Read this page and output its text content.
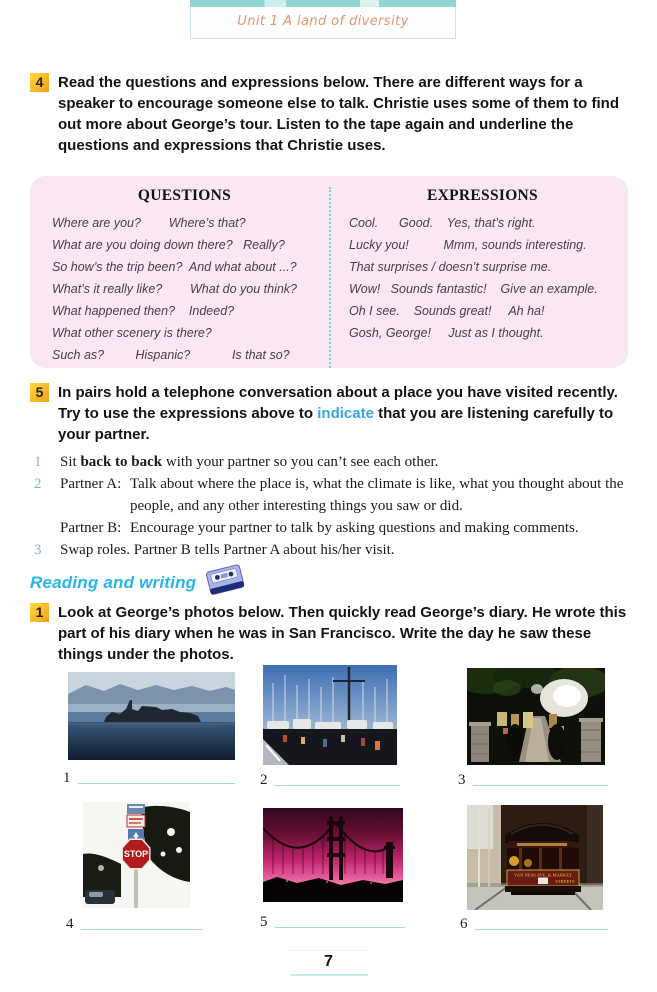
Unit 1 A land of diversity
4 Read the questions and expressions below. There are different ways for a speaker to encourage someone else to talk. Christie uses some of them to find out more about George’s tour. Listen to the tape again and underline the questions and expressions that Christie uses.
QUESTIONS
Where are you?        Where’s that?
What are you doing down there?   Really?
So how’s the trip been?  And what about ...?
What’s it really like?        What do you think?
What happened then?    Indeed?
What other scenery is there?
Such as?         Hispanic?            Is that so?
EXPRESSIONS
Cool.      Good.    Yes, that’s right.
Lucky you!          Mmm, sounds interesting.
That surprises / doesn’t surprise me.
Wow!   Sounds fantastic!    Give an example.
Oh I see.    Sounds great!     Ah ha!
Gosh, George!     Just as I thought.
5 In pairs hold a telephone conversation about a place you have visited recently. Try to use the expressions above to indicate that you are listening carefully to your partner.
1	Sit back to back with your partner so you can’t see each other.
2	Partner A: Talk about where the place is, what the climate is like, what you thought about the people, and any other interesting things you saw or did.
Partner B: Encourage your partner to talk by asking questions and making comments.
3	Swap roles. Partner B tells Partner A about his/her visit.
Reading and writing
1 Look at George’s photos below. Then quickly read George’s diary. He wrote this part of his diary when he was in San Francisco. Write the day he saw these things under the photos.
STOP
VAN NESS AVE. & MARKET
STREETS
1	2	3
4	5	6
7
